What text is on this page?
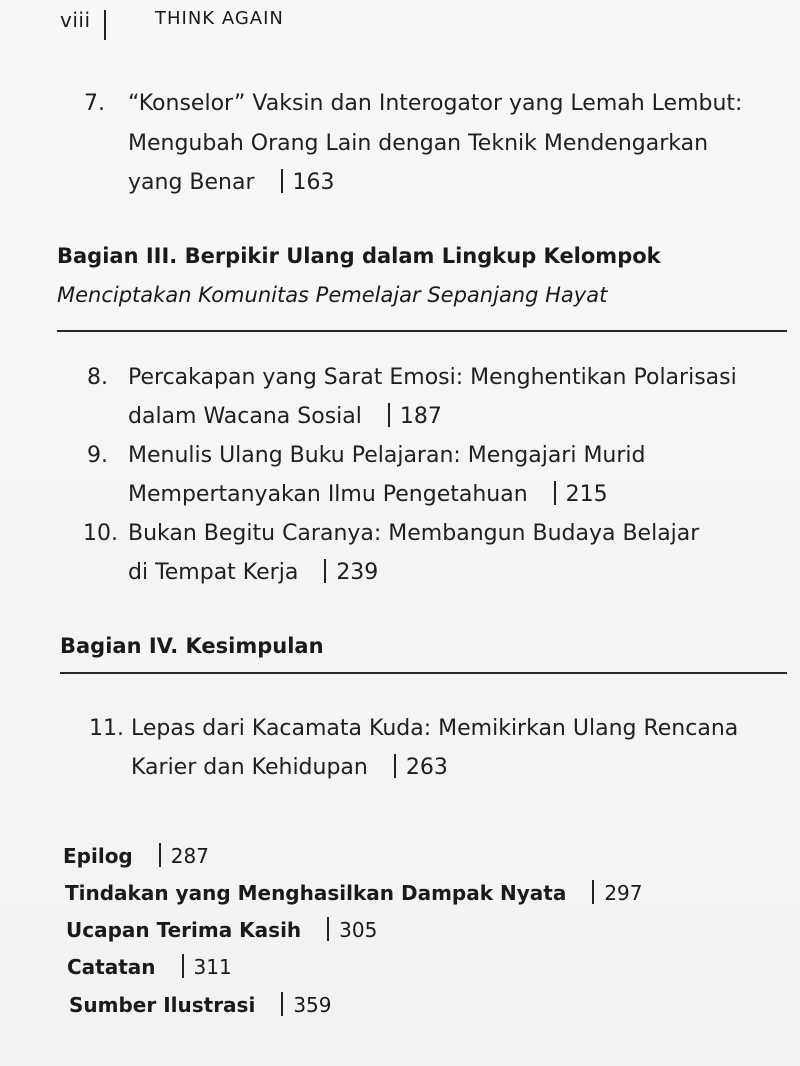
viii	THINK AGAIN
7. “Konselor” Vaksin dan Interogator yang Lemah Lembut:
Mengubah Orang Lain dengan Teknik Mendengarkan
yang Benar 163
Bagian III. Berpikir Ulang dalam Lingkup Kelompok
Menciptakan Komunitas Pemelajar Sepanjang Hayat
8. Percakapan yang Sarat Emosi: Menghentikan Polarisasi
dalam Wacana Sosial 187
9. Menulis Ulang Buku Pelajaran: Mengajari Murid
Mempertanyakan Ilmu Pengetahuan 215
10. Bukan Begitu Caranya: Membangun Budaya Belajar
di Tempat Kerja 239
Bagian IV. Kesimpulan
11. Lepas dari Kacamata Kuda: Memikirkan Ulang Rencana
Karier dan Kehidupan 263
Epilog 287
Tindakan yang Menghasilkan Dampak Nyata 297
Ucapan Terima Kasih 305
Catatan 311
Sumber Ilustrasi 359
